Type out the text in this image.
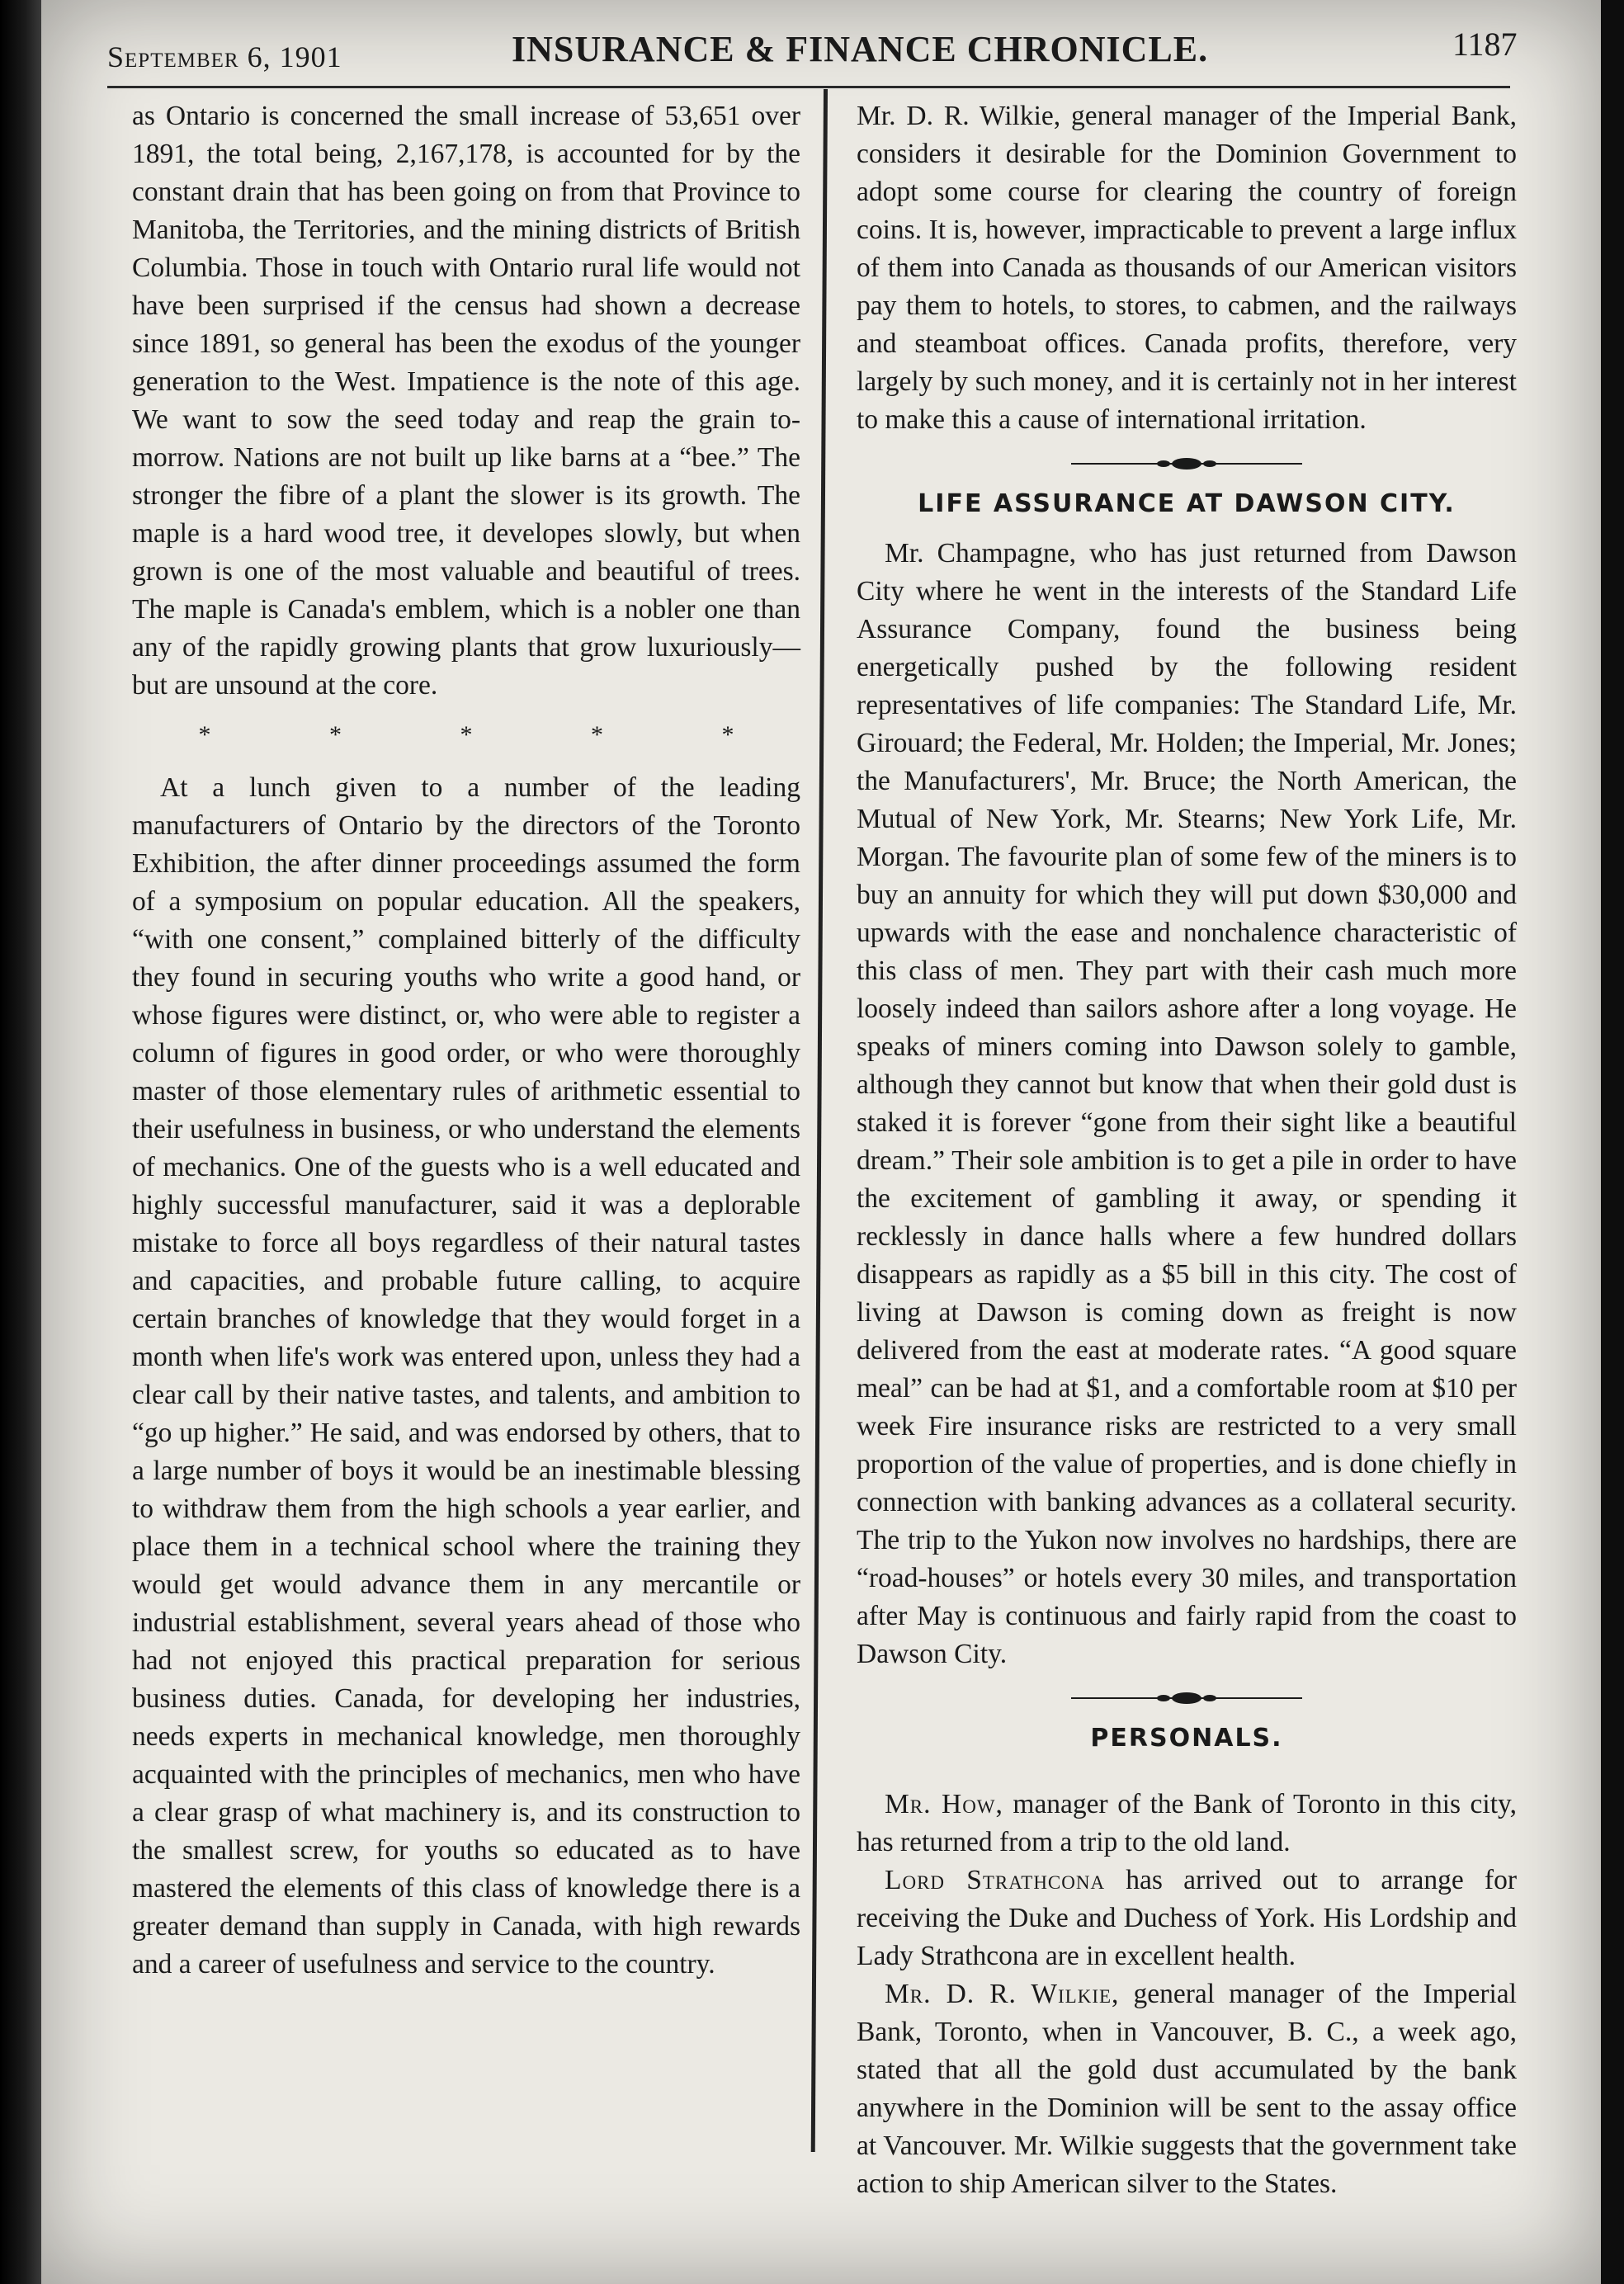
September 6, 1901	INSURANCE & FINANCE CHRONICLE.	1187

as Ontario is concerned the small increase of 53,651 over 1891, the total being, 2,167,178, is accounted for by the constant drain that has been going on from that Province to Manitoba, the Territories, and the mining districts of British Columbia. Those in touch with Ontario rural life would not have been surprised if the census had shown a decrease since 1891, so general has been the exodus of the younger generation to the West. Impatience is the note of this age. We want to sow the seed today and reap the grain to-morrow. Nations are not built up like barns at a “bee.” The stronger the fibre of a plant the slower is its growth. The maple is a hard wood tree, it developes slowly, but when grown is one of the most valuable and beautiful of trees. The maple is Canada's emblem, which is a nobler one than any of the rapidly growing plants that grow luxuriously—but are unsound at the core.

* * * * *

At a lunch given to a number of the leading manufacturers of Ontario by the directors of the Toronto Exhibition, the after dinner proceedings assumed the form of a symposium on popular education. All the speakers, “with one consent,” complained bitterly of the difficulty they found in securing youths who write a good hand, or whose figures were distinct, or, who were able to register a column of figures in good order, or who were thoroughly master of those elementary rules of arithmetic essential to their usefulness in business, or who understand the elements of mechanics. One of the guests who is a well educated and highly successful manufacturer, said it was a deplorable mistake to force all boys regardless of their natural tastes and capacities, and probable future calling, to acquire certain branches of knowledge that they would forget in a month when life's work was entered upon, unless they had a clear call by their native tastes, and talents, and ambition to “go up higher.” He said, and was endorsed by others, that to a large number of boys it would be an inestimable blessing to withdraw them from the high schools a year earlier, and place them in a technical school where the training they would get would advance them in any mercantile or industrial establishment, several years ahead of those who had not enjoyed this practical preparation for serious business duties. Canada, for developing her industries, needs experts in mechanical knowledge, men thoroughly acquainted with the principles of mechanics, men who have a clear grasp of what machinery is, and its construction to the smallest screw, for youths so educated as to have mastered the elements of this class of knowledge there is a greater demand than supply in Canada, with high rewards and a career of usefulness and service to the country.

Mr. D. R. Wilkie, general manager of the Imperial Bank, considers it desirable for the Dominion Government to adopt some course for clearing the country of foreign coins. It is, however, impracticable to prevent a large influx of them into Canada as thousands of our American visitors pay them to hotels, to stores, to cabmen, and the railways and steamboat offices. Canada profits, therefore, very largely by such money, and it is certainly not in her interest to make this a cause of international irritation.

LIFE ASSURANCE AT DAWSON CITY.

Mr. Champagne, who has just returned from Dawson City where he went in the interests of the Standard Life Assurance Company, found the business being energetically pushed by the following resident representatives of life companies: The Standard Life, Mr. Girouard; the Federal, Mr. Holden; the Imperial, Mr. Jones; the Manufacturers', Mr. Bruce; the North American, the Mutual of New York, Mr. Stearns; New York Life, Mr. Morgan. The favourite plan of some few of the miners is to buy an annuity for which they will put down $30,000 and upwards with the ease and nonchalence characteristic of this class of men. They part with their cash much more loosely indeed than sailors ashore after a long voyage. He speaks of miners coming into Dawson solely to gamble, although they cannot but know that when their gold dust is staked it is forever “gone from their sight like a beautiful dream.” Their sole ambition is to get a pile in order to have the excitement of gambling it away, or spending it recklessly in dance halls where a few hundred dollars disappears as rapidly as a $5 bill in this city. The cost of living at Dawson is coming down as freight is now delivered from the east at moderate rates. “A good square meal” can be had at $1, and a comfortable room at $10 per week Fire insurance risks are restricted to a very small proportion of the value of properties, and is done chiefly in connection with banking advances as a collateral security. The trip to the Yukon now involves no hardships, there are “road-houses” or hotels every 30 miles, and transportation after May is continuous and fairly rapid from the coast to Dawson City.

PERSONALS.

Mr. How, manager of the Bank of Toronto in this city, has returned from a trip to the old land.

Lord Strathcona has arrived out to arrange for receiving the Duke and Duchess of York. His Lordship and Lady Strathcona are in excellent health.

Mr. D. R. Wilkie, general manager of the Imperial Bank, Toronto, when in Vancouver, B. C., a week ago, stated that all the gold dust accumulated by the bank anywhere in the Dominion will be sent to the assay office at Vancouver. Mr. Wilkie suggests that the government take action to ship American silver to the States.
